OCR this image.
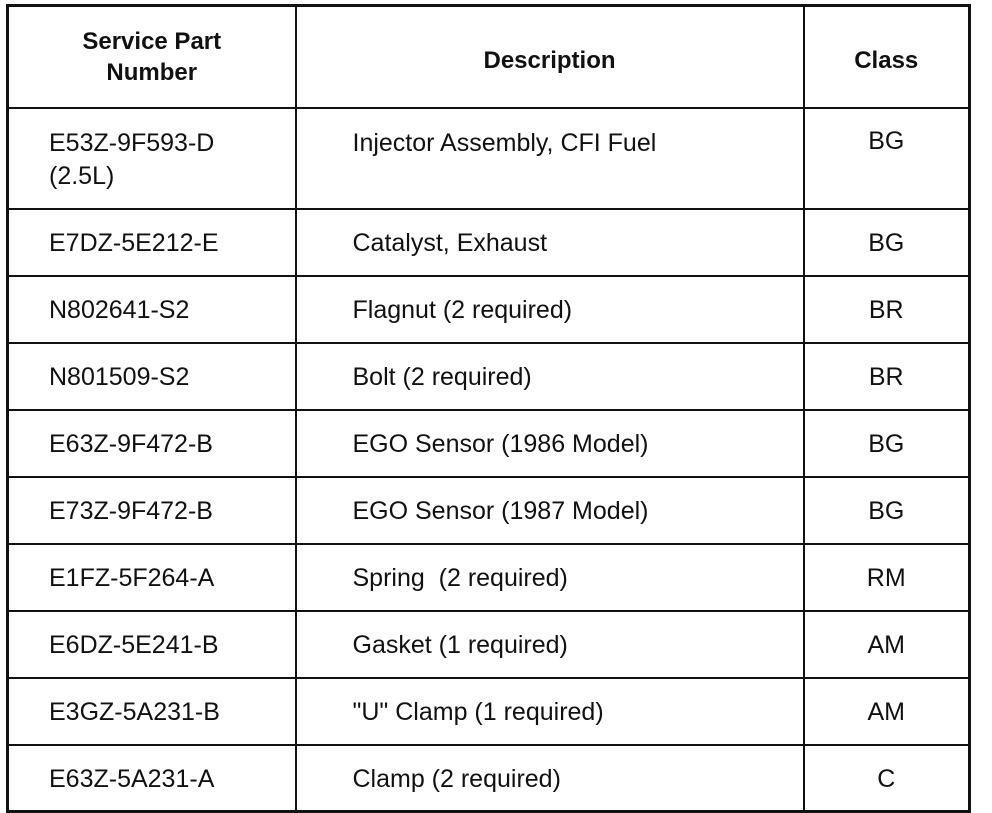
Service Part
Number	Description	Class

E53Z-9F593-D
(2.5L)	Injector Assembly, CFI Fuel	BG
E7DZ-5E212-E	Catalyst, Exhaust	BG
N802641-S2	Flagnut (2 required)	BR
N801509-S2	Bolt (2 required)	BR
E63Z-9F472-B	EGO Sensor (1986 Model)	BG
E73Z-9F472-B	EGO Sensor (1987 Model)	BG
E1FZ-5F264-A	Spring  (2 required)	RM
E6DZ-5E241-B	Gasket (1 required)	AM
E3GZ-5A231-B	"U" Clamp (1 required)	AM
E63Z-5A231-A	Clamp (2 required)	C
